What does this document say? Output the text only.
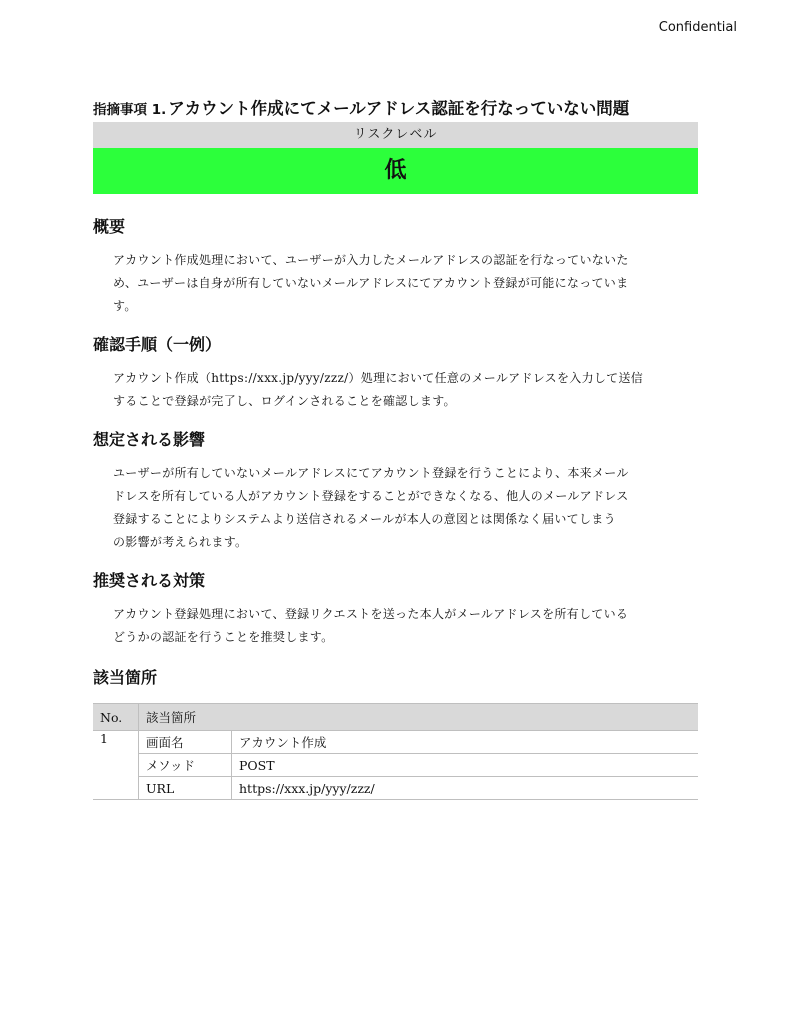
Confidential
指摘事項 1. アカウント作成にてメールアドレス認証を行なっていない問題
リスクレベル
低
概要

アカウント作成処理において、ユーザーが入力したメールアドレスの認証を行なっていないた
め、ユーザーは自身が所有していないメールアドレスにてアカウント登録が可能になっていま
す。

確認手順（一例）

アカウント作成（https://xxx.jp/yyy/zzz/）処理において任意のメールアドレスを入力して送信
することで登録が完了し、ログインされることを確認します。

想定される影響

ユーザーが所有していないメールアドレスにてアカウント登録を行うことにより、本来メール
ドレスを所有している人がアカウント登録をすることができなくなる、他人のメールアドレス
登録することによりシステムより送信されるメールが本人の意図とは関係なく届いてしまう
の影響が考えられます。

推奨される対策

アカウント登録処理において、登録リクエストを送った本人がメールアドレスを所有している
どうかの認証を行うことを推奨します。

該当箇所
No.	該当箇所	
1	画面名	アカウント作成
	メソッド	POST
	URL	https://xxx.jp/yyy/zzz/
